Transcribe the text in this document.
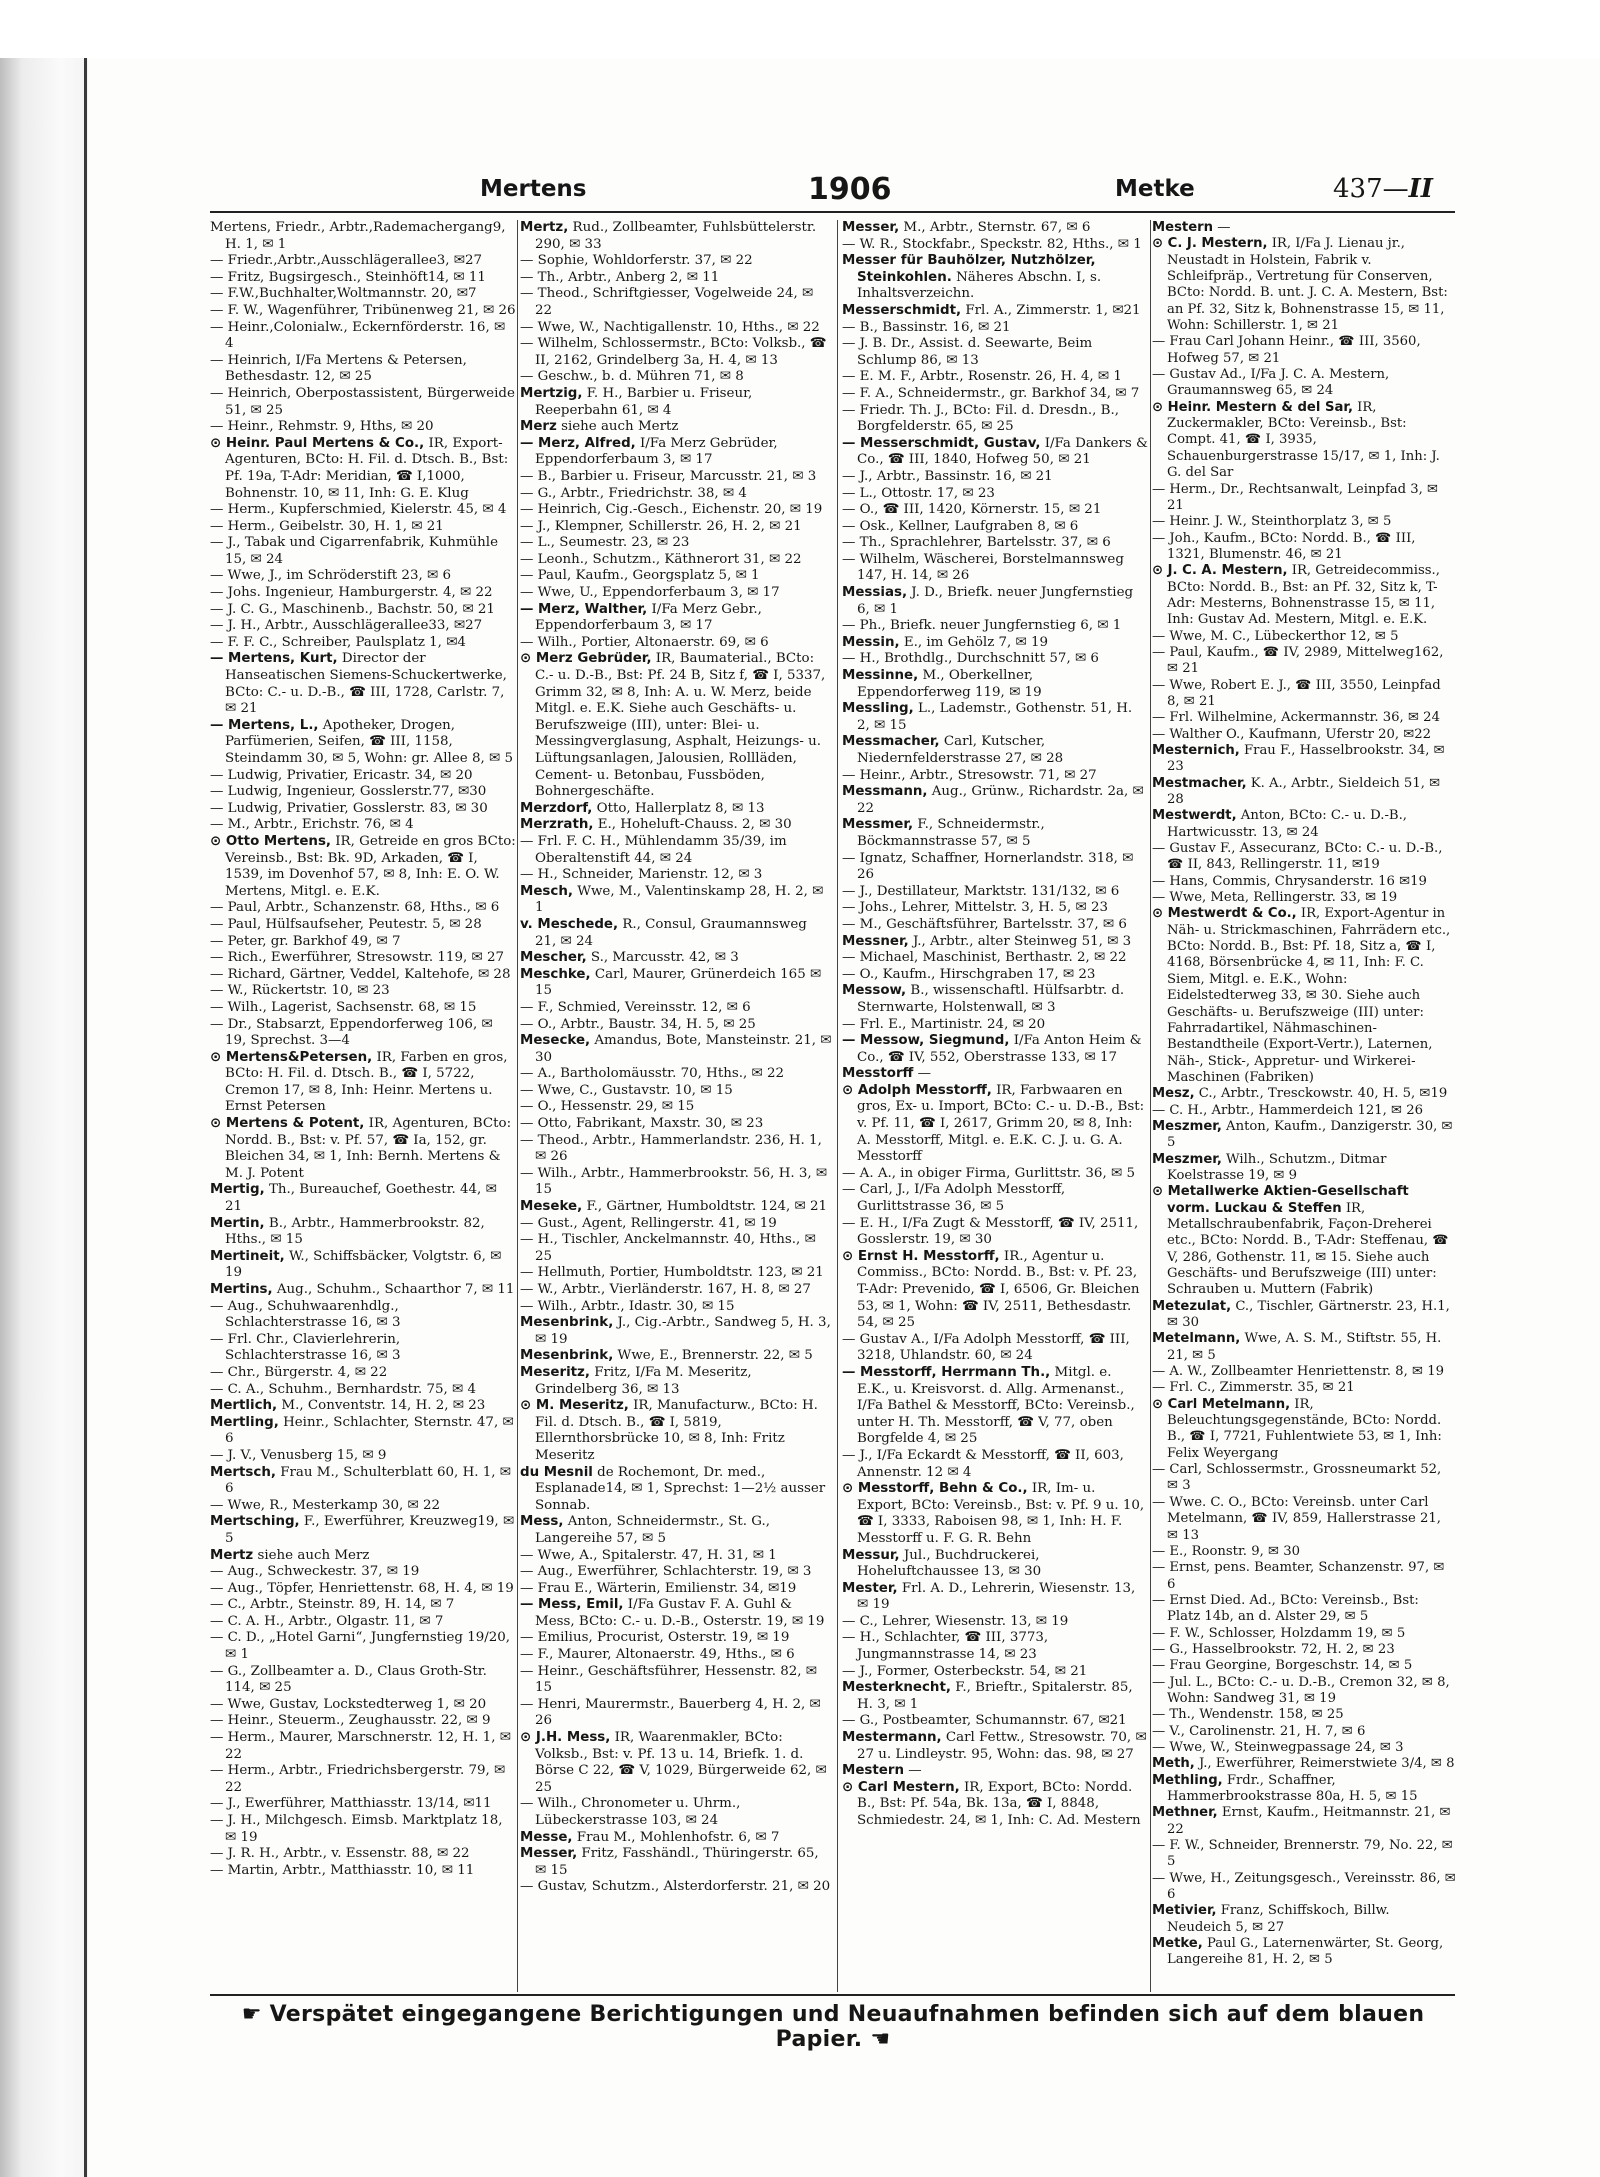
Mertens	1906	Metke	437—II

Mertens, Friedr., Arbtr.,Rademachergang9, H. 1, ✉ 1

— Friedr.,Arbtr.,Ausschlägerallee3, ✉27

— Fritz, Bugsirgesch., Steinhöft14, ✉ 11

— F.W.,Buchhalter,Woltmannstr. 20, ✉7

— F. W., Wagenführer, Tribünenweg 21, ✉ 26

— Heinr.,Colonialw., Eckernförderstr. 16, ✉ 4

— Heinrich, I/Fa Mertens & Petersen, Bethesdastr. 12, ✉ 25

— Heinrich, Oberpostassistent, Bürgerweide 51, ✉ 25

— Heinr., Rehmstr. 9, Hths, ✉ 20

⊙ Heinr. Paul Mertens & Co., IR, Export-Agenturen, BCto: H. Fil. d. Dtsch. B., Bst: Pf. 19a, T-Adr: Meridian, ☎ I,1000, Bohnenstr. 10, ✉ 11, Inh: G. E. Klug

— Herm., Kupferschmied, Kielerstr. 45, ✉ 4

— Herm., Geibelstr. 30, H. 1, ✉ 21

— J., Tabak und Cigarrenfabrik, Kuhmühle 15, ✉ 24

— Wwe, J., im Schröderstift 23, ✉ 6

— Johs. Ingenieur, Hamburgerstr. 4, ✉ 22

— J. C. G., Maschinenb., Bachstr. 50, ✉ 21

— J. H., Arbtr., Ausschlägerallee33, ✉27

— F. F. C., Schreiber, Paulsplatz 1, ✉4

— Mertens, Kurt, Director der Hanseatischen Siemens-Schuckertwerke, BCto: C.- u. D.-B., ☎ III, 1728, Carlstr. 7, ✉ 21

— Mertens, L., Apotheker, Drogen, Parfümerien, Seifen, ☎ III, 1158, Steindamm 30, ✉ 5, Wohn: gr. Allee 8, ✉ 5

— Ludwig, Privatier, Ericastr. 34, ✉ 20

— Ludwig, Ingenieur, Gosslerstr.77, ✉30

— Ludwig, Privatier, Gosslerstr. 83, ✉ 30

— M., Arbtr., Erichstr. 76, ✉ 4

⊙ Otto Mertens, IR, Getreide en gros BCto: Vereinsb., Bst: Bk. 9D, Arkaden, ☎ I, 1539, im Dovenhof 57, ✉ 8, Inh: E. O. W. Mertens, Mitgl. e. E.K.

— Paul, Arbtr., Schanzenstr. 68, Hths., ✉ 6

— Paul, Hülfsaufseher, Peutestr. 5, ✉ 28

— Peter, gr. Barkhof 49, ✉ 7

— Rich., Ewerführer, Stresowstr. 119, ✉ 27

— Richard, Gärtner, Veddel, Kaltehofe, ✉ 28

— W., Rückertstr. 10, ✉ 23

— Wilh., Lagerist, Sachsenstr. 68, ✉ 15

— Dr., Stabsarzt, Eppendorferweg 106, ✉ 19, Sprechst. 3—4

⊙ Mertens&Petersen, IR, Farben en gros, BCto: H. Fil. d. Dtsch. B., ☎ I, 5722, Cremon 17, ✉ 8, Inh: Heinr. Mertens u. Ernst Petersen

⊙ Mertens & Potent, IR, Agenturen, BCto: Nordd. B., Bst: v. Pf. 57, ☎ Ia, 152, gr. Bleichen 34, ✉ 1, Inh: Bernh. Mertens & M. J. Potent

Mertig, Th., Bureauchef, Goethestr. 44, ✉ 21

Mertin, B., Arbtr., Hammerbrookstr. 82, Hths., ✉ 15

Mertineit, W., Schiffsbäcker, Volgtstr. 6, ✉ 19

Mertins, Aug., Schuhm., Schaarthor 7, ✉ 11

— Aug., Schuhwaarenhdlg., Schlachterstrasse 16, ✉ 3

— Frl. Chr., Clavierlehrerin, Schlachterstrasse 16, ✉ 3

— Chr., Bürgerstr. 4, ✉ 22

— C. A., Schuhm., Bernhardstr. 75, ✉ 4

Mertlich, M., Conventstr. 14, H. 2, ✉ 23

Mertling, Heinr., Schlachter, Sternstr. 47, ✉ 6

— J. V., Venusberg 15, ✉ 9

Mertsch, Frau M., Schulterblatt 60, H. 1, ✉ 6

— Wwe, R., Mesterkamp 30, ✉ 22

Mertsching, F., Ewerführer, Kreuzweg19, ✉ 5

Mertz siehe auch Merz

— Aug., Schweckestr. 37, ✉ 19

— Aug., Töpfer, Henriettenstr. 68, H. 4, ✉ 19

— C., Arbtr., Steinstr. 89, H. 14, ✉ 7

— C. A. H., Arbtr., Olgastr. 11, ✉ 7

— C. D., „Hotel Garni“, Jungfernstieg 19/20, ✉ 1

— G., Zollbeamter a. D., Claus Groth-Str. 114, ✉ 25

— Wwe, Gustav, Lockstedterweg 1, ✉ 20

— Heinr., Steuerm., Zeughausstr. 22, ✉ 9

— Herm., Maurer, Marschnerstr. 12, H. 1, ✉ 22

— Herm., Arbtr., Friedrichsbergerstr. 79, ✉ 22

— J., Ewerführer, Matthiasstr. 13/14, ✉11

— J. H., Milchgesch. Eimsb. Marktplatz 18, ✉ 19

— J. R. H., Arbtr., v. Essenstr. 88, ✉ 22

— Martin, Arbtr., Matthiasstr. 10, ✉ 11

Mertz, Rud., Zollbeamter, Fuhlsbüttelerstr. 290, ✉ 33

— Sophie, Wohldorferstr. 37, ✉ 22

— Th., Arbtr., Anberg 2, ✉ 11

— Theod., Schriftgiesser, Vogelweide 24, ✉ 22

— Wwe, W., Nachtigallenstr. 10, Hths., ✉ 22

— Wilhelm, Schlossermstr., BCto: Volksb., ☎ II, 2162, Grindelberg 3a, H. 4, ✉ 13

— Geschw., b. d. Mühren 71, ✉ 8

Mertzig, F. H., Barbier u. Friseur, Reeperbahn 61, ✉ 4

Merz siehe auch Mertz

— Merz, Alfred, I/Fa Merz Gebrüder, Eppendorferbaum 3, ✉ 17

— B., Barbier u. Friseur, Marcusstr. 21, ✉ 3

— G., Arbtr., Friedrichstr. 38, ✉ 4

— Heinrich, Cig.-Gesch., Eichenstr. 20, ✉ 19

— J., Klempner, Schillerstr. 26, H. 2, ✉ 21

— L., Seumestr. 23, ✉ 23

— Leonh., Schutzm., Käthnerort 31, ✉ 22

— Paul, Kaufm., Georgsplatz 5, ✉ 1

— Wwe, U., Eppendorferbaum 3, ✉ 17

— Merz, Walther, I/Fa Merz Gebr., Eppendorferbaum 3, ✉ 17

— Wilh., Portier, Altonaerstr. 69, ✉ 6

⊙ Merz Gebrüder, IR, Baumaterial., BCto: C.- u. D.-B., Bst: Pf. 24 B, Sitz f, ☎ I, 5337, Grimm 32, ✉ 8, Inh: A. u. W. Merz, beide Mitgl. e. E.K. Siehe auch Geschäfts- u. Berufszweige (III), unter: Blei- u. Messingverglasung, Asphalt, Heizungs- u. Lüftungsanlagen, Jalousien, Rollläden, Cement- u. Betonbau, Fussböden, Bohnergeschäfte.

Merzdorf, Otto, Hallerplatz 8, ✉ 13

Merzrath, E., Hoheluft-Chauss. 2, ✉ 30

— Frl. F. C. H., Mühlendamm 35/39, im Oberaltenstift 44, ✉ 24

— H., Schneider, Marienstr. 12, ✉ 3

Mesch, Wwe, M., Valentinskamp 28, H. 2, ✉ 1

v. Meschede, R., Consul, Graumannsweg 21, ✉ 24

Mescher, S., Marcusstr. 42, ✉ 3

Meschke, Carl, Maurer, Grünerdeich 165 ✉ 15

— F., Schmied, Vereinsstr. 12, ✉ 6

— O., Arbtr., Baustr. 34, H. 5, ✉ 25

Mesecke, Amandus, Bote, Mansteinstr. 21, ✉ 30

— A., Bartholomäusstr. 70, Hths., ✉ 22

— Wwe, C., Gustavstr. 10, ✉ 15

— O., Hessenstr. 29, ✉ 15

— Otto, Fabrikant, Maxstr. 30, ✉ 23

— Theod., Arbtr., Hammerlandstr. 236, H. 1, ✉ 26

— Wilh., Arbtr., Hammerbrookstr. 56, H. 3, ✉ 15

Meseke, F., Gärtner, Humboldtstr. 124, ✉ 21

— Gust., Agent, Rellingerstr. 41, ✉ 19

— H., Tischler, Anckelmannstr. 40, Hths., ✉ 25

— Hellmuth, Portier, Humboldtstr. 123, ✉ 21

— W., Arbtr., Vierländerstr. 167, H. 8, ✉ 27

— Wilh., Arbtr., Idastr. 30, ✉ 15

Mesenbrink, J., Cig.-Arbtr., Sandweg 5, H. 3, ✉ 19

Mesenbrink, Wwe, E., Brennerstr. 22, ✉ 5

Meseritz, Fritz, I/Fa M. Meseritz, Grindelberg 36, ✉ 13

⊙ M. Meseritz, IR, Manufacturw., BCto: H. Fil. d. Dtsch. B., ☎ I, 5819, Ellernthorsbrücke 10, ✉ 8, Inh: Fritz Meseritz

du Mesnil de Rochemont, Dr. med., Esplanade14, ✉ 1, Sprechst: 1—2½ ausser Sonnab.

Mess, Anton, Schneidermstr., St. G., Langereihe 57, ✉ 5

— Wwe, A., Spitalerstr. 47, H. 31, ✉ 1

— Aug., Ewerführer, Schlachterstr. 19, ✉ 3

— Frau E., Wärterin, Emilienstr. 34, ✉19

— Mess, Emil, I/Fa Gustav F. A. Guhl & Mess, BCto: C.- u. D.-B., Osterstr. 19, ✉ 19

— Emilius, Procurist, Osterstr. 19, ✉ 19

— F., Maurer, Altonaerstr. 49, Hths., ✉ 6

— Heinr., Geschäftsführer, Hessenstr. 82, ✉ 15

— Henri, Maurermstr., Bauerberg 4, H. 2, ✉ 26

⊙ J.H. Mess, IR, Waarenmakler, BCto: Volksb., Bst: v. Pf. 13 u. 14, Briefk. 1. d. Börse C 22, ☎ V, 1029, Bürgerweide 62, ✉ 25

— Wilh., Chronometer u. Uhrm., Lübeckerstrasse 103, ✉ 24

Messe, Frau M., Mohlenhofstr. 6, ✉ 7

Messer, Fritz, Fasshändl., Thüringerstr. 65, ✉ 15

— Gustav, Schutzm., Alsterdorferstr. 21, ✉ 20

Messer, M., Arbtr., Sternstr. 67, ✉ 6

— W. R., Stockfabr., Speckstr. 82, Hths., ✉ 1

Messer für Bauhölzer, Nutzhölzer, Steinkohlen. Näheres Abschn. I, s. Inhaltsverzeichn.

Messerschmidt, Frl. A., Zimmerstr. 1, ✉21

— B., Bassinstr. 16, ✉ 21

— J. B. Dr., Assist. d. Seewarte, Beim Schlump 86, ✉ 13

— E. M. F., Arbtr., Rosenstr. 26, H. 4, ✉ 1

— F. A., Schneidermstr., gr. Barkhof 34, ✉ 7

— Friedr. Th. J., BCto: Fil. d. Dresdn., B., Borgfelderstr. 65, ✉ 25

— Messerschmidt, Gustav, I/Fa Dankers & Co., ☎ III, 1840, Hofweg 50, ✉ 21

— J., Arbtr., Bassinstr. 16, ✉ 21

— L., Ottostr. 17, ✉ 23

— O., ☎ III, 1420, Körnerstr. 15, ✉ 21

— Osk., Kellner, Laufgraben 8, ✉ 6

— Th., Sprachlehrer, Bartelsstr. 37, ✉ 6

— Wilhelm, Wäscherei, Borstelmannsweg 147, H. 14, ✉ 26

Messias, J. D., Briefk. neuer Jungfernstieg 6, ✉ 1

— Ph., Briefk. neuer Jungfernstieg 6, ✉ 1

Messin, E., im Gehölz 7, ✉ 19

— H., Brothdlg., Durchschnitt 57, ✉ 6

Messinne, M., Oberkellner, Eppendorferweg 119, ✉ 19

Messling, L., Lademstr., Gothenstr. 51, H. 2, ✉ 15

Messmacher, Carl, Kutscher, Niedernfelderstrasse 27, ✉ 28

— Heinr., Arbtr., Stresowstr. 71, ✉ 27

Messmann, Aug., Grünw., Richardstr. 2a, ✉ 22

Messmer, F., Schneidermstr., Böckmannstrasse 57, ✉ 5

— Ignatz, Schaffner, Hornerlandstr. 318, ✉ 26

— J., Destillateur, Marktstr. 131/132, ✉ 6

— Johs., Lehrer, Mittelstr. 3, H. 5, ✉ 23

— M., Geschäftsführer, Bartelsstr. 37, ✉ 6

Messner, J., Arbtr., alter Steinweg 51, ✉ 3

— Michael, Maschinist, Berthastr. 2, ✉ 22

— O., Kaufm., Hirschgraben 17, ✉ 23

Messow, B., wissenschaftl. Hülfsarbtr. d. Sternwarte, Holstenwall, ✉ 3

— Frl. E., Martinistr. 24, ✉ 20

— Messow, Siegmund, I/Fa Anton Heim & Co., ☎ IV, 552, Oberstrasse 133, ✉ 17

Messtorff —

⊙ Adolph Messtorff, IR, Farbwaaren en gros, Ex- u. Import, BCto: C.- u. D.-B., Bst: v. Pf. 11, ☎ I, 2617, Grimm 20, ✉ 8, Inh: A. Messtorff, Mitgl. e. E.K. C. J. u. G. A. Messtorff

— A. A., in obiger Firma, Gurlittstr. 36, ✉ 5

— Carl, J., I/Fa Adolph Messtorff, Gurlittstrasse 36, ✉ 5

— E. H., I/Fa Zugt & Messtorff, ☎ IV, 2511, Gosslerstr. 19, ✉ 30

⊙ Ernst H. Messtorff, IR., Agentur u. Commiss., BCto: Nordd. B., Bst: v. Pf. 23, T-Adr: Prevenido, ☎ I, 6506, Gr. Bleichen 53, ✉ 1, Wohn: ☎ IV, 2511, Bethesdastr. 54, ✉ 25

— Gustav A., I/Fa Adolph Messtorff, ☎ III, 3218, Uhlandstr. 60, ✉ 24

— Messtorff, Herrmann Th., Mitgl. e. E.K., u. Kreisvorst. d. Allg. Armenanst., I/Fa Bathel & Messtorff, BCto: Vereinsb., unter H. Th. Messtorff, ☎ V, 77, oben Borgfelde 4, ✉ 25

— J., I/Fa Eckardt & Messtorff, ☎ II, 603, Annenstr. 12 ✉ 4

⊙ Messtorff, Behn & Co., IR, Im- u. Export, BCto: Vereinsb., Bst: v. Pf. 9 u. 10, ☎ I, 3333, Raboisen 98, ✉ 1, Inh: H. F. Messtorff u. F. G. R. Behn

Messur, Jul., Buchdruckerei, Hoheluftchaussee 13, ✉ 30

Mester, Frl. A. D., Lehrerin, Wiesenstr. 13, ✉ 19

— C., Lehrer, Wiesenstr. 13, ✉ 19

— H., Schlachter, ☎ III, 3773, Jungmannstrasse 14, ✉ 23

— J., Former, Osterbeckstr. 54, ✉ 21

Mesterknecht, F., Brieftr., Spitalerstr. 85, H. 3, ✉ 1

— G., Postbeamter, Schumannstr. 67, ✉21

Mestermann, Carl Fettw., Stresowstr. 70, ✉ 27 u. Lindleystr. 95, Wohn: das. 98, ✉ 27

Mestern —

⊙ Carl Mestern, IR, Export, BCto: Nordd. B., Bst: Pf. 54a, Bk. 13a, ☎ I, 8848, Schmiedestr. 24, ✉ 1, Inh: C. Ad. Mestern

Mestern —

⊙ C. J. Mestern, IR, I/Fa J. Lienau jr., Neustadt in Holstein, Fabrik v. Schleifpräp., Vertretung für Conserven, BCto: Nordd. B. unt. J. C. A. Mestern, Bst: an Pf. 32, Sitz k, Bohnenstrasse 15, ✉ 11, Wohn: Schillerstr. 1, ✉ 21

— Frau Carl Johann Heinr., ☎ III, 3560, Hofweg 57, ✉ 21

— Gustav Ad., I/Fa J. C. A. Mestern, Graumannsweg 65, ✉ 24

⊙ Heinr. Mestern & del Sar, IR, Zuckermakler, BCto: Vereinsb., Bst: Compt. 41, ☎ I, 3935, Schauenburgerstrasse 15/17, ✉ 1, Inh: J. G. del Sar

— Herm., Dr., Rechtsanwalt, Leinpfad 3, ✉ 21

— Heinr. J. W., Steinthorplatz 3, ✉ 5

— Joh., Kaufm., BCto: Nordd. B., ☎ III, 1321, Blumenstr. 46, ✉ 21

⊙ J. C. A. Mestern, IR, Getreidecommiss., BCto: Nordd. B., Bst: an Pf. 32, Sitz k, T-Adr: Mesterns, Bohnenstrasse 15, ✉ 11, Inh: Gustav Ad. Mestern, Mitgl. e. E.K.

— Wwe, M. C., Lübeckerthor 12, ✉ 5

— Paul, Kaufm., ☎ IV, 2989, Mittelweg162, ✉ 21

— Wwe, Robert E. J., ☎ III, 3550, Leinpfad 8, ✉ 21

— Frl. Wilhelmine, Ackermannstr. 36, ✉ 24

— Walther O., Kaufmann, Uferstr 20, ✉22

Mesternich, Frau F., Hasselbrookstr. 34, ✉ 23

Mestmacher, K. A., Arbtr., Sieldeich 51, ✉ 28

Mestwerdt, Anton, BCto: C.- u. D.-B., Hartwicusstr. 13, ✉ 24

— Gustav F., Assecuranz, BCto: C.- u. D.-B., ☎ II, 843, Rellingerstr. 11, ✉19

— Hans, Commis, Chrysanderstr. 16 ✉19

— Wwe, Meta, Rellingerstr. 33, ✉ 19

⊙ Mestwerdt & Co., IR, Export-Agentur in Näh- u. Strickmaschinen, Fahrrädern etc., BCto: Nordd. B., Bst: Pf. 18, Sitz a, ☎ I, 4168, Börsenbrücke 4, ✉ 11, Inh: F. C. Siem, Mitgl. e. E.K., Wohn: Eidelstedterweg 33, ✉ 30. Siehe auch Geschäfts- u. Berufszweige (III) unter: Fahrradartikel, Nähmaschinen-Bestandtheile (Export-Vertr.), Laternen, Näh-, Stick-, Appretur- und Wirkerei-Maschinen (Fabriken)

Mesz, C., Arbtr., Tresckowstr. 40, H. 5, ✉19

— C. H., Arbtr., Hammerdeich 121, ✉ 26

Meszmer, Anton, Kaufm., Danzigerstr. 30, ✉ 5

Meszmer, Wilh., Schutzm., Ditmar Koelstrasse 19, ✉ 9

⊙ Metallwerke Aktien-Gesellschaft vorm. Luckau & Steffen IR, Metallschraubenfabrik, Façon-Dreherei etc., BCto: Nordd. B., T-Adr: Steffenau, ☎ V, 286, Gothenstr. 11, ✉ 15. Siehe auch Geschäfts- und Berufszweige (III) unter: Schrauben u. Muttern (Fabrik)

Metezulat, C., Tischler, Gärtnerstr. 23, H.1, ✉ 30

Metelmann, Wwe, A. S. M., Stiftstr. 55, H. 21, ✉ 5

— A. W., Zollbeamter Henriettenstr. 8, ✉ 19

— Frl. C., Zimmerstr. 35, ✉ 21

⊙ Carl Metelmann, IR, Beleuchtungsgegenstände, BCto: Nordd. B., ☎ I, 7721, Fuhlentwiete 53, ✉ 1, Inh: Felix Weyergang

— Carl, Schlossermstr., Grossneumarkt 52, ✉ 3

— Wwe. C. O., BCto: Vereinsb. unter Carl Metelmann, ☎ IV, 859, Hallerstrasse 21, ✉ 13

— E., Roonstr. 9, ✉ 30

— Ernst, pens. Beamter, Schanzenstr. 97, ✉ 6

— Ernst Died. Ad., BCto: Vereinsb., Bst: Platz 14b, an d. Alster 29, ✉ 5

— F. W., Schlosser, Holzdamm 19, ✉ 5

— G., Hasselbrookstr. 72, H. 2, ✉ 23

— Frau Georgine, Borgeschstr. 14, ✉ 5

— Jul. L., BCto: C.- u. D.-B., Cremon 32, ✉ 8, Wohn: Sandweg 31, ✉ 19

— Th., Wendenstr. 158, ✉ 25

— V., Carolinenstr. 21, H. 7, ✉ 6

— Wwe, W., Steinwegpassage 24, ✉ 3

Meth, J., Ewerführer, Reimerstwiete 3/4, ✉ 8

Methling, Frdr., Schaffner, Hammerbrookstrasse 80a, H. 5, ✉ 15

Methner, Ernst, Kaufm., Heitmannstr. 21, ✉ 22

— F. W., Schneider, Brennerstr. 79, No. 22, ✉ 5

— Wwe, H., Zeitungsgesch., Vereinsstr. 86, ✉ 6

Metivier, Franz, Schiffskoch, Billw. Neudeich 5, ✉ 27

Metke, Paul G., Laternenwärter, St. Georg, Langereihe 81, H. 2, ✉ 5

☛ Verspätet eingegangene Berichtigungen und Neuaufnahmen befinden sich auf dem blauen Papier. ☚
